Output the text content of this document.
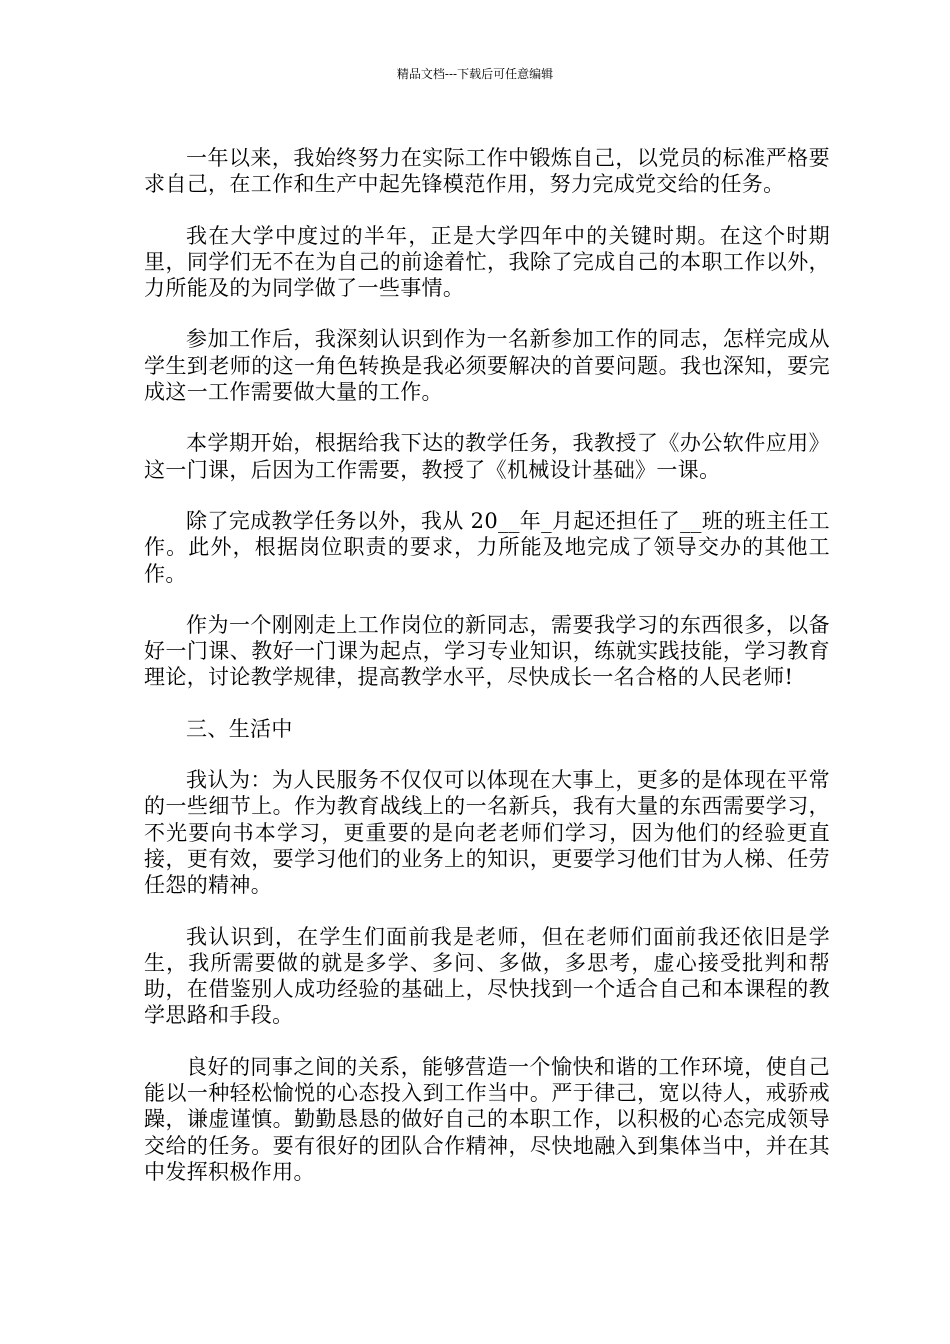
精品文档---下载后可任意编辑

一年以来，我始终努力在实际工作中锻炼自己，以党员的标准严格要求自己，在工作和生产中起先锋模范作用，努力完成党交给的任务。

我在大学中度过的半年，正是大学四年中的关键时期。在这个时期里，同学们无不在为自己的前途着忙，我除了完成自己的本职工作以外，力所能及的为同学做了一些事情。

参加工作后，我深刻认识到作为一名新参加工作的同志，怎样完成从学生到老师的这一角色转换是我必须要解决的首要问题。我也深知，要完成这一工作需要做大量的工作。

本学期开始，根据给我下达的教学任务，我教授了《办公软件应用》这一门课，后因为工作需要，教授了《机械设计基础》一课。

除了完成教学任务以外，我从 20__年_月起还担任了__班的班主任工作。此外，根据岗位职责的要求，力所能及地完成了领导交办的其他工作。

作为一个刚刚走上工作岗位的新同志，需要我学习的东西很多，以备好一门课、教好一门课为起点，学习专业知识，练就实践技能，学习教育理论，讨论教学规律，提高教学水平，尽快成长一名合格的人民老师!

三、生活中

我认为：为人民服务不仅仅可以体现在大事上，更多的是体现在平常的一些细节上。作为教育战线上的一名新兵，我有大量的东西需要学习，不光要向书本学习，更重要的是向老老师们学习，因为他们的经验更直接，更有效，要学习他们的业务上的知识，更要学习他们甘为人梯、任劳任怨的精神。

我认识到，在学生们面前我是老师，但在老师们面前我还依旧是学生，我所需要做的就是多学、多问、多做，多思考，虚心接受批判和帮助，在借鉴别人成功经验的基础上，尽快找到一个适合自己和本课程的教学思路和手段。

良好的同事之间的关系，能够营造一个愉快和谐的工作环境，使自己能以一种轻松愉悦的心态投入到工作当中。严于律己，宽以待人，戒骄戒躁，谦虚谨慎。勤勤恳恳的做好自己的本职工作，以积极的心态完成领导交给的任务。要有很好的团队合作精神，尽快地融入到集体当中，并在其中发挥积极作用。
